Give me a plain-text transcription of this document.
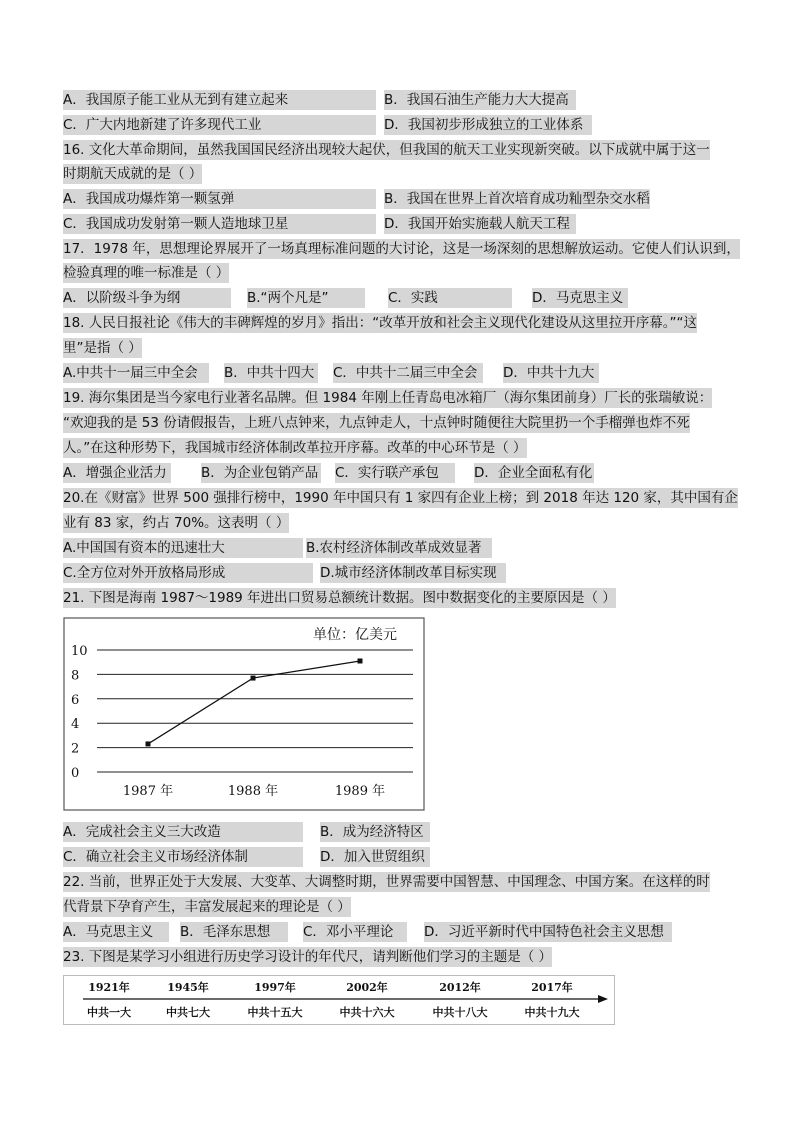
A．我国原子能工业从无到有建立起来	B．我国石油生产能力大大提高
C．广大内地新建了许多现代工业	D．我国初步形成独立的工业体系
16. 文化大革命期间，虽然我国国民经济出现较大起伏，但我国的航天工业实现新突破。以下成就中属于这一
时期航天成就的是（ ）
A．我国成功爆炸第一颗氢弹	B．我国在世界上首次培育成功籼型杂交水稻
C．我国成功发射第一颗人造地球卫星	D．我国开始实施载人航天工程
17．1978 年，思想理论界展开了一场真理标准问题的大讨论，这是一场深刻的思想解放运动。它使人们认识到，
检验真理的唯一标准是（ ）
A．以阶级斗争为纲	B.“两个凡是”	C．实践	D．马克思主义
18. 人民日报社论《伟大的丰碑辉煌的岁月》指出：“改革开放和社会主义现代化建设从这里拉开序幕。”“这
里”是指（ ）
A.中共十一届三中全会	B．中共十四大 C．中共十二届三中全会	D．中共十九大
19. 海尔集团是当今家电行业著名品牌。但 1984 年刚上任青岛电冰箱厂（海尔集团前身）厂长的张瑞敏说：
“欢迎我的是 53 份请假报告，上班八点钟来，九点钟走人，十点钟时随便往大院里扔一个手榴弹也炸不死
人。”在这种形势下，我国城市经济体制改革拉开序幕。改革的中心环节是（ ）
A．增强企业活力	B．为企业包销产品 C．实行联产承包	D．企业全面私有化
20.在《财富》世界 500 强排行榜中，1990 年中国只有 1 家四有企业上榜；到 2018 年达 120 家，其中国有企
业有 83 家，约占 70%。这表明（ ）
A.中国国有资本的迅速壮大	B.农村经济体制改革成效显著
C.全方位对外开放格局形成	D.城市经济体制改革目标实现
21. 下图是海南 1987～1989 年进出口贸易总额统计数据。图中数据变化的主要原因是（ ）
0
2
4
6
8
10
单位：亿美元
1987 年	1988 年	1989 年
A．完成社会主义三大改造	B．成为经济特区
C．确立社会主义市场经济体制	D．加入世贸组织
22. 当前，世界正处于大发展、大变革、大调整时期，世界需要中国智慧、中国理念、中国方案。在这样的时
代背景下孕育产生，丰富发展起来的理论是（ ）
A．马克思主义	B．毛泽东思想	C．邓小平理论	D．习近平新时代中国特色社会主义思想
23. 下图是某学习小组进行历史学习设计的年代尺，请判断他们学习的主题是（ ）
1921年
中共一大
1945年
中共七大
1997年
中共十五大
2002年
中共十六大
2012年
中共十八大
2017年
中共十九大
